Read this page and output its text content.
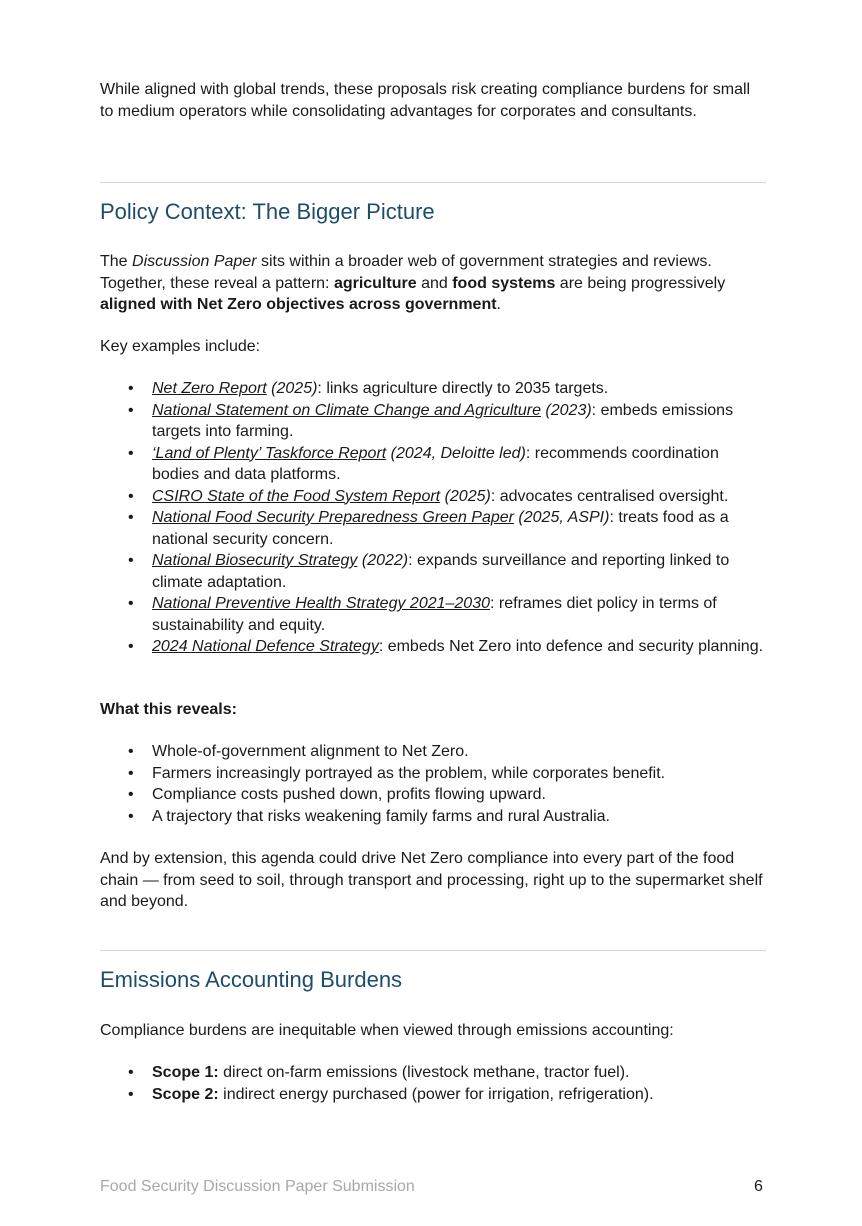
While aligned with global trends, these proposals risk creating compliance burdens for small to medium operators while consolidating advantages for corporates and consultants.

Policy Context: The Bigger Picture

The Discussion Paper sits within a broader web of government strategies and reviews. Together, these reveal a pattern: agriculture and food systems are being progressively aligned with Net Zero objectives across government.

Key examples include:

• Net Zero Report (2025): links agriculture directly to 2035 targets.
• National Statement on Climate Change and Agriculture (2023): embeds emissions targets into farming.
• ‘Land of Plenty’ Taskforce Report (2024, Deloitte led): recommends coordination bodies and data platforms.
• CSIRO State of the Food System Report (2025): advocates centralised oversight.
• National Food Security Preparedness Green Paper (2025, ASPI): treats food as a national security concern.
• National Biosecurity Strategy (2022): expands surveillance and reporting linked to climate adaptation.
• National Preventive Health Strategy 2021–2030: reframes diet policy in terms of sustainability and equity.
• 2024 National Defence Strategy: embeds Net Zero into defence and security planning.

What this reveals:

• Whole-of-government alignment to Net Zero.
• Farmers increasingly portrayed as the problem, while corporates benefit.
• Compliance costs pushed down, profits flowing upward.
• A trajectory that risks weakening family farms and rural Australia.

And by extension, this agenda could drive Net Zero compliance into every part of the food chain — from seed to soil, through transport and processing, right up to the supermarket shelf and beyond.

Emissions Accounting Burdens

Compliance burdens are inequitable when viewed through emissions accounting:

• Scope 1: direct on-farm emissions (livestock methane, tractor fuel).
• Scope 2: indirect energy purchased (power for irrigation, refrigeration).
Food Security Discussion Paper Submission	6
